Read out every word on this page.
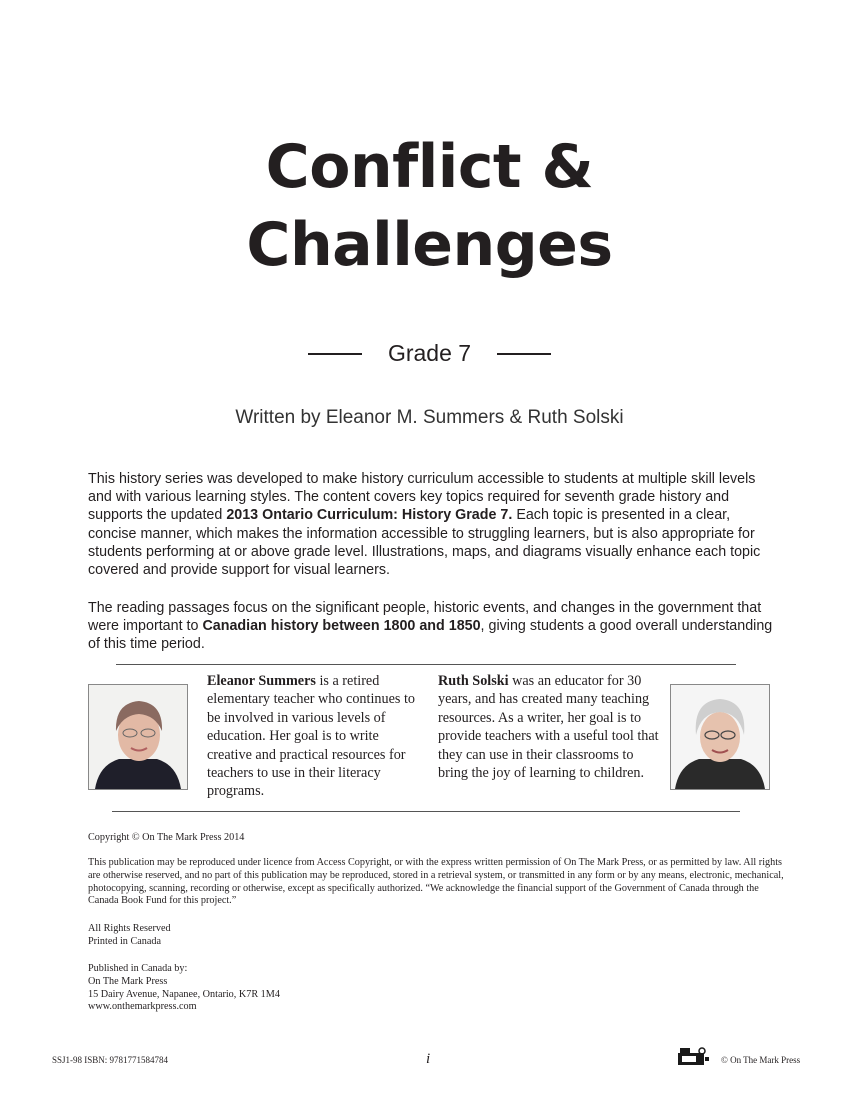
Conflict &
Challenges
Grade 7
Written by Eleanor M. Summers & Ruth Solski

This history series was developed to make history curriculum accessible to students at multiple skill levels and with various learning styles. The content covers key topics required for seventh grade history and supports the updated 2013 Ontario Curriculum: History Grade 7. Each topic is presented in a clear, concise manner, which makes the information accessible to struggling learners, but is also appropriate for students performing at or above grade level. Illustrations, maps, and diagrams visually enhance each topic covered and provide support for visual learners.

The reading passages focus on the significant people, historic events, and changes in the government that were important to Canadian history between 1800 and 1850, giving students a good overall understanding of this time period.

Eleanor Summers is a retired elementary teacher who continues to be involved in various levels of education. Her goal is to write creative and practical resources for teachers to use in their literacy programs.

Ruth Solski was an educator for 30 years, and has created many teaching resources. As a writer, her goal is to provide teachers with a useful tool that they can use in their classrooms to bring the joy of learning to children.

Copyright © On The Mark Press 2014

This publication may be reproduced under licence from Access Copyright, or with the express written permission of On The Mark Press, or as permitted by law. All rights are otherwise reserved, and no part of this publication may be reproduced, stored in a retrieval system, or transmitted in any form or by any means, electronic, mechanical, photocopying, scanning, recording or otherwise, except as specifically authorized. “We acknowledge the financial support of the Government of Canada through the Canada Book Fund for this project.”

All Rights Reserved
Printed in Canada
Published in Canada by:
On The Mark Press
15 Dairy Avenue, Napanee, Ontario, K7R 1M4
www.onthemarkpress.com
SSJ1-98 ISBN: 9781771584784	i	© On The Mark Press
